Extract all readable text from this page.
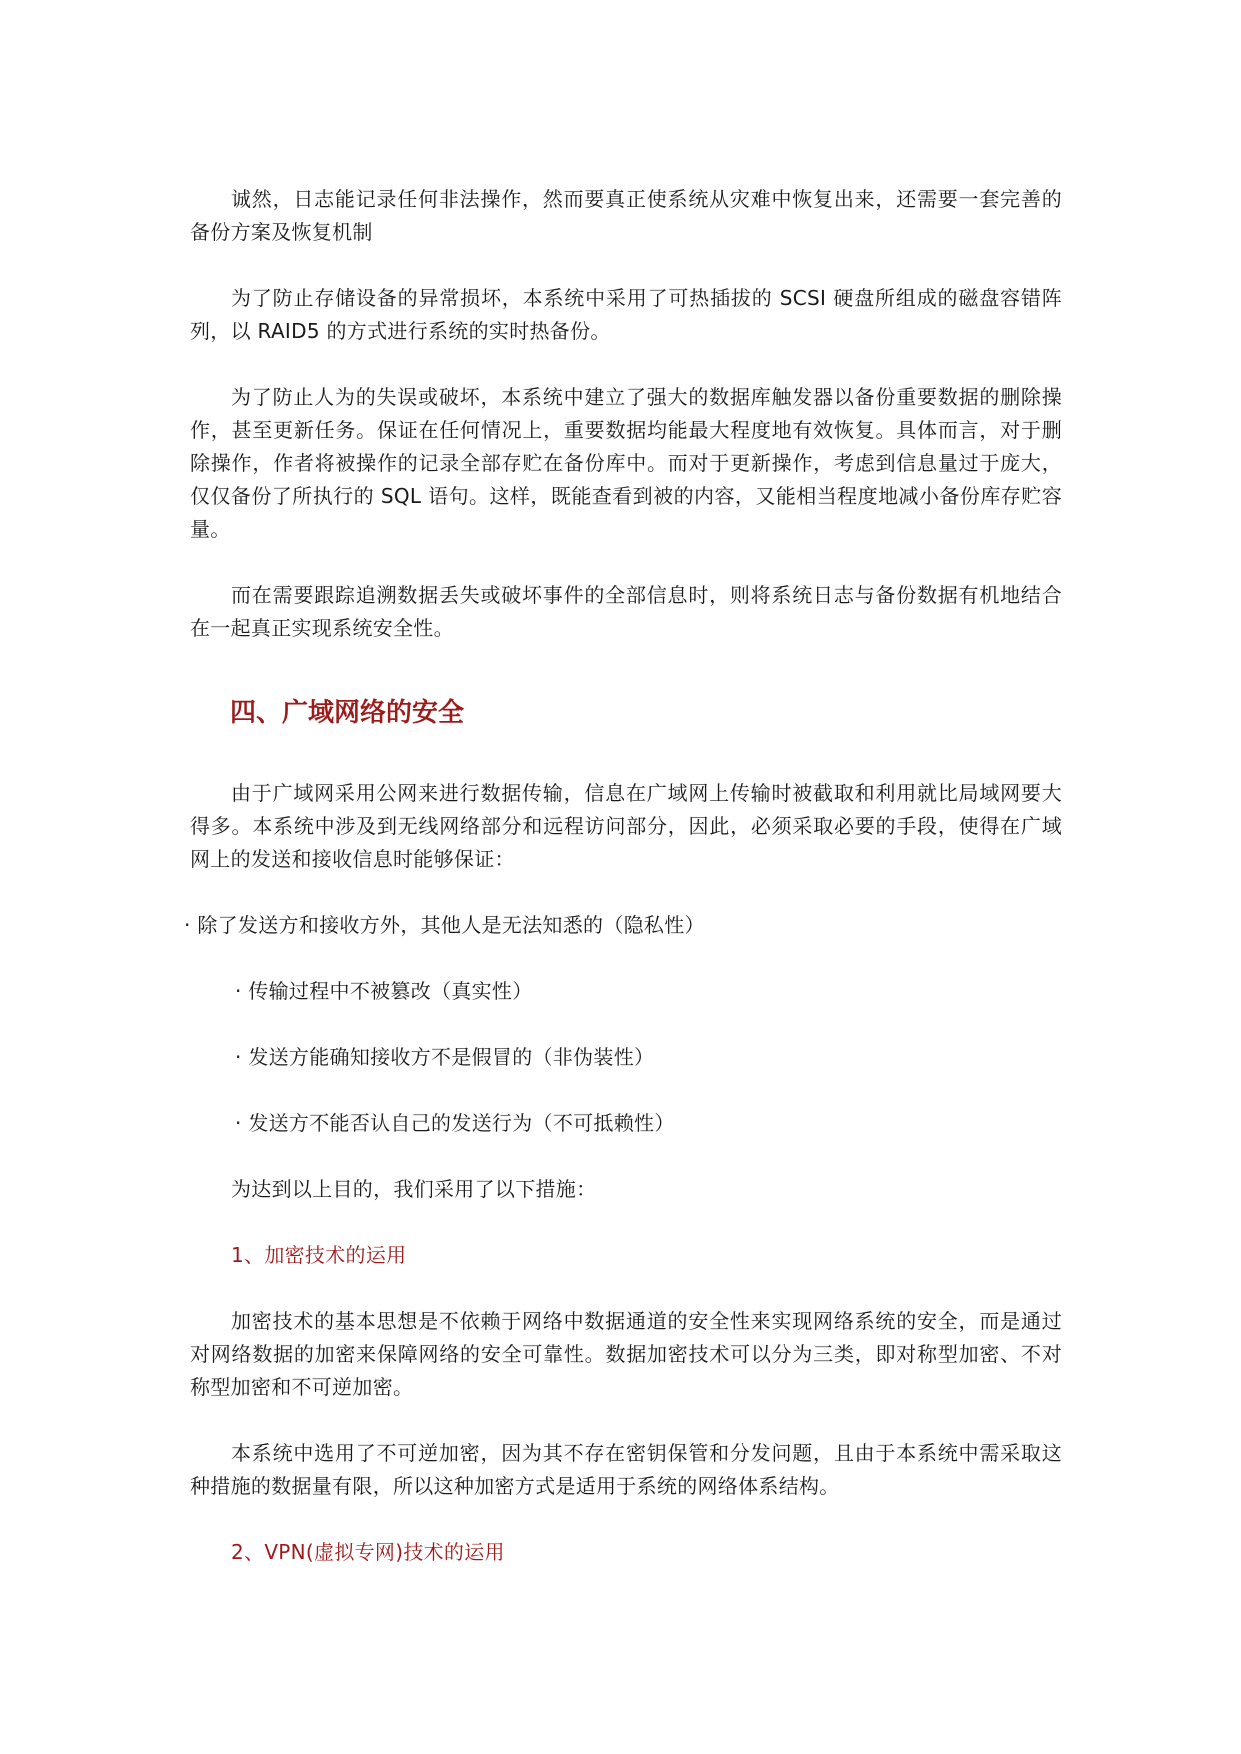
诚然，日志能记录任何非法操作，然而要真正使系统从灾难中恢复出来，还需要一套完善的备份方案及恢复机制

为了防止存储设备的异常损坏，本系统中采用了可热插拔的 SCSI 硬盘所组成的磁盘容错阵列，以 RAID5 的方式进行系统的实时热备份。

为了防止人为的失误或破坏，本系统中建立了强大的数据库触发器以备份重要数据的删除操作，甚至更新任务。保证在任何情况上，重要数据均能最大程度地有效恢复。具体而言，对于删除操作，作者将被操作的记录全部存贮在备份库中。而对于更新操作，考虑到信息量过于庞大，仅仅备份了所执行的 SQL 语句。这样，既能查看到被的内容，又能相当程度地减小备份库存贮容量。

而在需要跟踪追溯数据丢失或破坏事件的全部信息时，则将系统日志与备份数据有机地结合在一起真正实现系统安全性。

四、广域网络的安全

由于广域网采用公网来进行数据传输，信息在广域网上传输时被截取和利用就比局域网要大得多。本系统中涉及到无线网络部分和远程访问部分，因此，必须采取必要的手段，使得在广域网上的发送和接收信息时能够保证：

· 除了发送方和接收方外，其他人是无法知悉的（隐私性）
· 传输过程中不被篡改（真实性）
· 发送方能确知接收方不是假冒的（非伪装性）
· 发送方不能否认自己的发送行为（不可抵赖性）
为达到以上目的，我们采用了以下措施：
1、加密技术的运用

加密技术的基本思想是不依赖于网络中数据通道的安全性来实现网络系统的安全，而是通过对网络数据的加密来保障网络的安全可靠性。数据加密技术可以分为三类，即对称型加密、不对称型加密和不可逆加密。

本系统中选用了不可逆加密，因为其不存在密钥保管和分发问题，且由于本系统中需采取这种措施的数据量有限，所以这种加密方式是适用于系统的网络体系结构。

2、VPN(虚拟专网)技术的运用
